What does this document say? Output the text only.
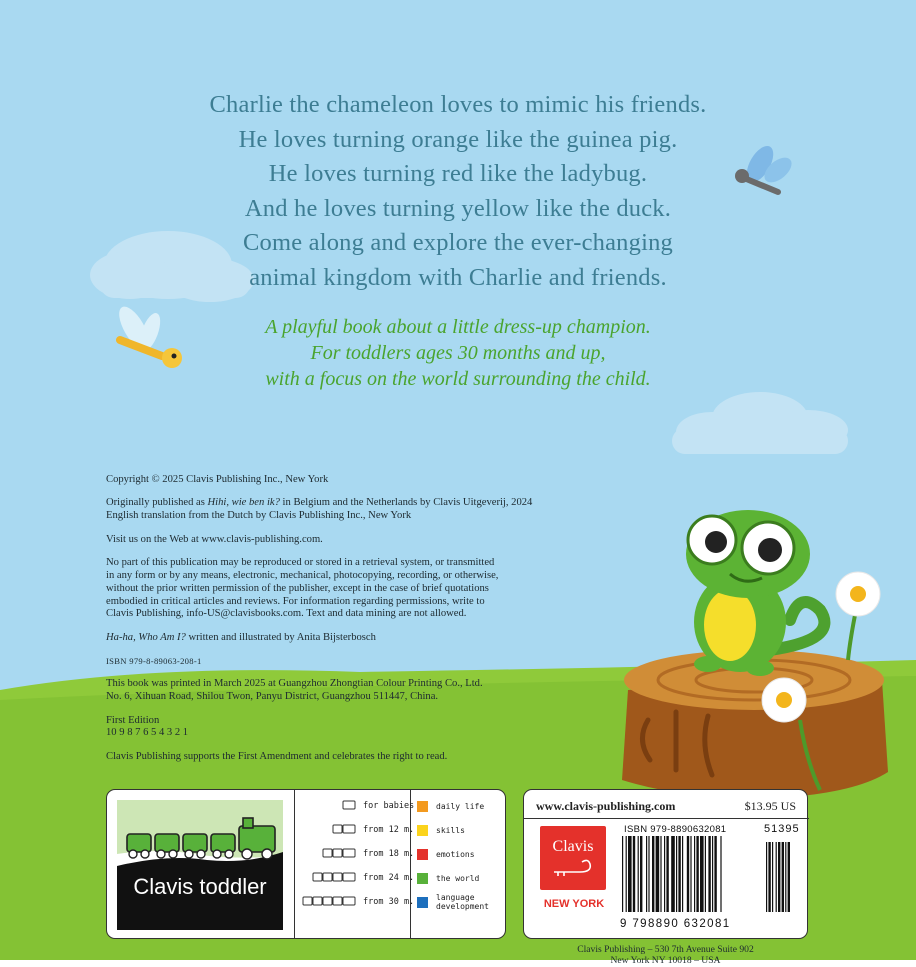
Charlie the chameleon loves to mimic his friends.
He loves turning orange like the guinea pig.
He loves turning red like the ladybug.
And he loves turning yellow like the duck.
Come along and explore the ever-changing
animal kingdom with Charlie and friends.
A playful book about a little dress-up champion.
For toddlers ages 30 months and up,
with a focus on the world surrounding the child.

Copyright © 2025 Clavis Publishing Inc., New York

Originally published as Hihi, wie ben ik? in Belgium and the Netherlands by Clavis Uitgeverij, 2024
English translation from the Dutch by Clavis Publishing Inc., New York

Visit us on the Web at www.clavis-publishing.com.

No part of this publication may be reproduced or stored in a retrieval system, or transmitted
in any form or by any means, electronic, mechanical, photocopying, recording, or otherwise,
without the prior written permission of the publisher, except in the case of brief quotations
embodied in critical articles and reviews. For information regarding permissions, write to
Clavis Publishing, info-US@clavisbooks.com. Text and data mining are not allowed.

Ha-ha, Who Am I? written and illustrated by Anita Bijsterbosch

ISBN 979-8-89063-208-1

This book was printed in March 2025 at Guangzhou Zhongtian Colour Printing Co., Ltd.
No. 6, Xihuan Road, Shilou Twon, Panyu District, Guangzhou 511447, China.

First Edition
10 9 8 7 6 5 4 3 2 1

Clavis Publishing supports the First Amendment and celebrates the right to read.

Clavis toddler
for babies
from 12 m.
from 18 m.
from 24 m.
from 30 m.
daily life
skills
emotions
the world
language
development
www.clavis-publishing.com	$13.95 US
Clavis
NEW YORK
ISBN 979-8890632081	51395
9 798890 632081
Clavis Publishing – 530 7th Avenue Suite 902
New York NY 10018 – USA
